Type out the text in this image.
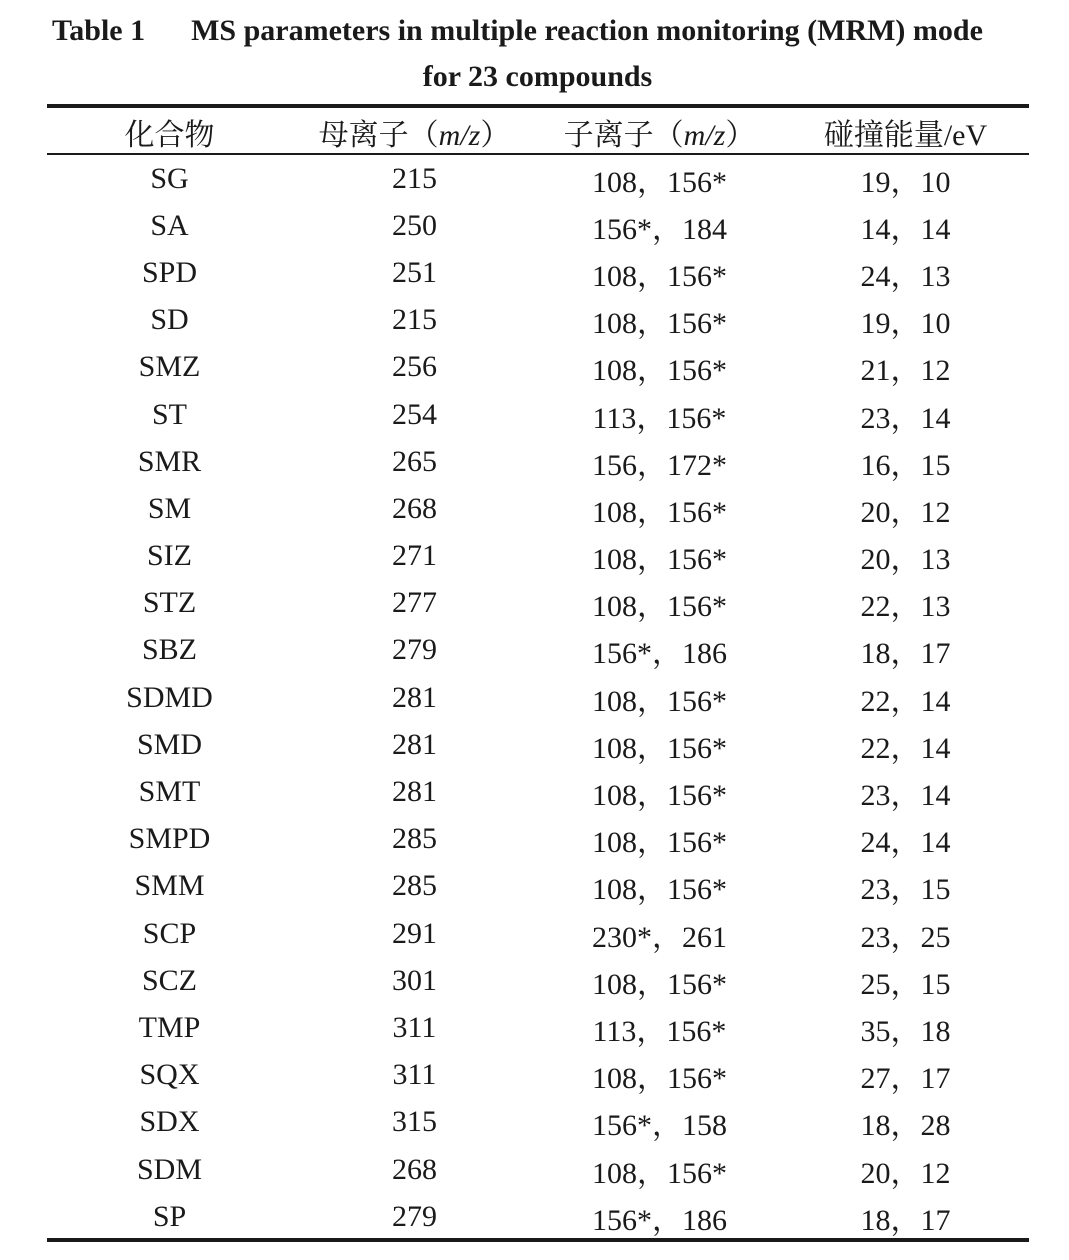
Table 1 MS parameters in multiple reaction monitoring (MRM) mode
for 23 compounds
化合物	母离子（m/z）	子离子（m/z）	碰撞能量/eV
SG	215	108，156*	19，10
SA	250	156*，184	14，14
SPD	251	108，156*	24，13
SD	215	108，156*	19，10
SMZ	256	108，156*	21，12
ST	254	113，156*	23，14
SMR	265	156，172*	16，15
SM	268	108，156*	20，12
SIZ	271	108，156*	20，13
STZ	277	108，156*	22，13
SBZ	279	156*，186	18，17
SDMD	281	108，156*	22，14
SMD	281	108，156*	22，14
SMT	281	108，156*	23，14
SMPD	285	108，156*	24，14
SMM	285	108，156*	23，15
SCP	291	230*，261	23，25
SCZ	301	108，156*	25，15
TMP	311	113，156*	35，18
SQX	311	108，156*	27，17
SDX	315	156*，158	18，28
SDM	268	108，156*	20，12
SP	279	156*，186	18，17
